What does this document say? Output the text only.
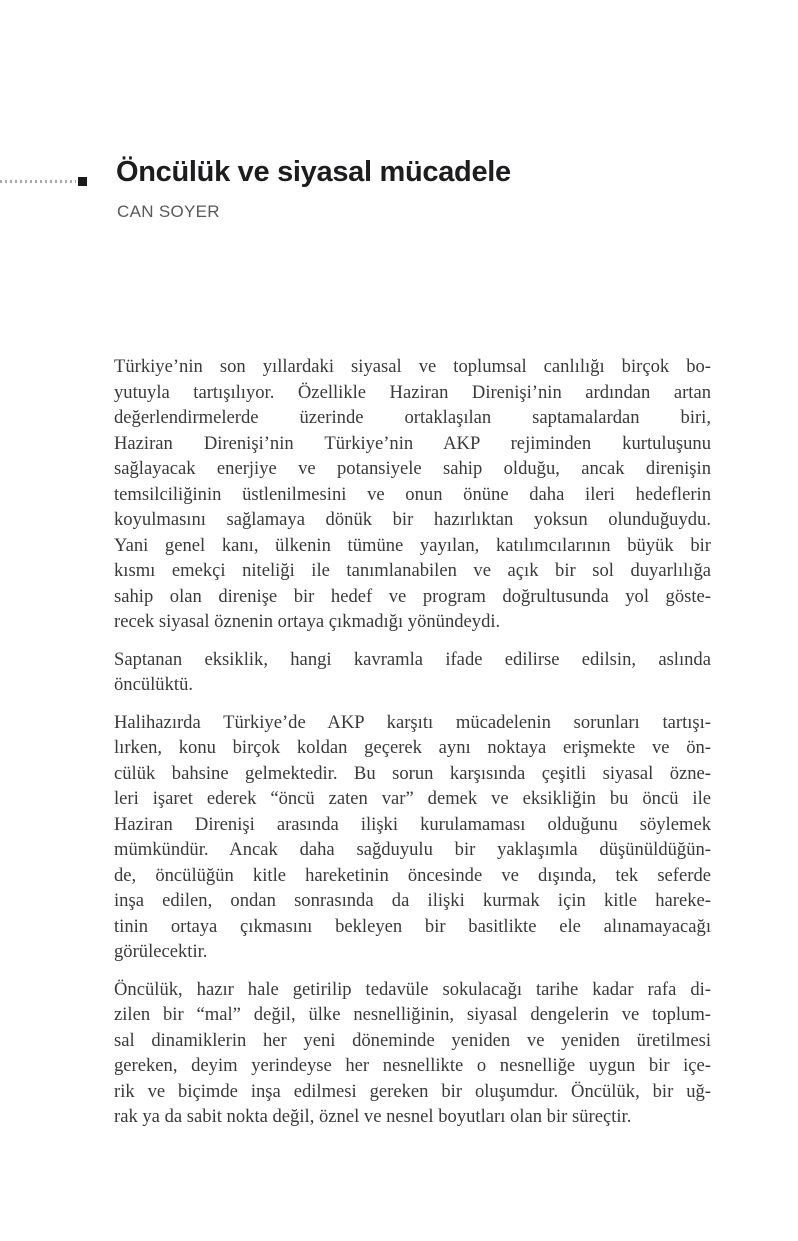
Öncülük ve siyasal mücadele
CAN SOYER
Türkiye’nin son yıllardaki siyasal ve toplumsal canlılığı birçok bo-
yutuyla tartışılıyor. Özellikle Haziran Direnişi’nin ardından artan
değerlendirmelerde üzerinde ortaklaşılan saptamalardan biri,
Haziran Direnişi’nin Türkiye’nin AKP rejiminden kurtuluşunu
sağlayacak enerjiye ve potansiyele sahip olduğu, ancak direnişin
temsilciliğinin üstlenilmesini ve onun önüne daha ileri hedeflerin
koyulmasını sağlamaya dönük bir hazırlıktan yoksun olunduğuydu.
Yani genel kanı, ülkenin tümüne yayılan, katılımcılarının büyük bir
kısmı emekçi niteliği ile tanımlanabilen ve açık bir sol duyarlılığa
sahip olan direnişe bir hedef ve program doğrultusunda yol göste-
recek siyasal öznenin ortaya çıkmadığı yönündeydi.
Saptanan eksiklik, hangi kavramla ifade edilirse edilsin, aslında
öncülüktü.
Halihazırda Türkiye’de AKP karşıtı mücadelenin sorunları tartışı-
lırken, konu birçok koldan geçerek aynı noktaya erişmekte ve ön-
cülük bahsine gelmektedir. Bu sorun karşısında çeşitli siyasal özne-
leri işaret ederek “öncü zaten var” demek ve eksikliğin bu öncü ile
Haziran Direnişi arasında ilişki kurulamaması olduğunu söylemek
mümkündür. Ancak daha sağduyulu bir yaklaşımla düşünüldüğün-
de, öncülüğün kitle hareketinin öncesinde ve dışında, tek seferde
inşa edilen, ondan sonrasında da ilişki kurmak için kitle hareke-
tinin ortaya çıkmasını bekleyen bir basitlikte ele alınamayacağı
görülecektir.
Öncülük, hazır hale getirilip tedavüle sokulacağı tarihe kadar rafa di-
zilen bir “mal” değil, ülke nesnelliğinin, siyasal dengelerin ve toplum-
sal dinamiklerin her yeni döneminde yeniden ve yeniden üretilmesi
gereken, deyim yerindeyse her nesnellikte o nesnelliğe uygun bir içe-
rik ve biçimde inşa edilmesi gereken bir oluşumdur. Öncülük, bir uğ-
rak ya da sabit nokta değil, öznel ve nesnel boyutları olan bir süreçtir.
